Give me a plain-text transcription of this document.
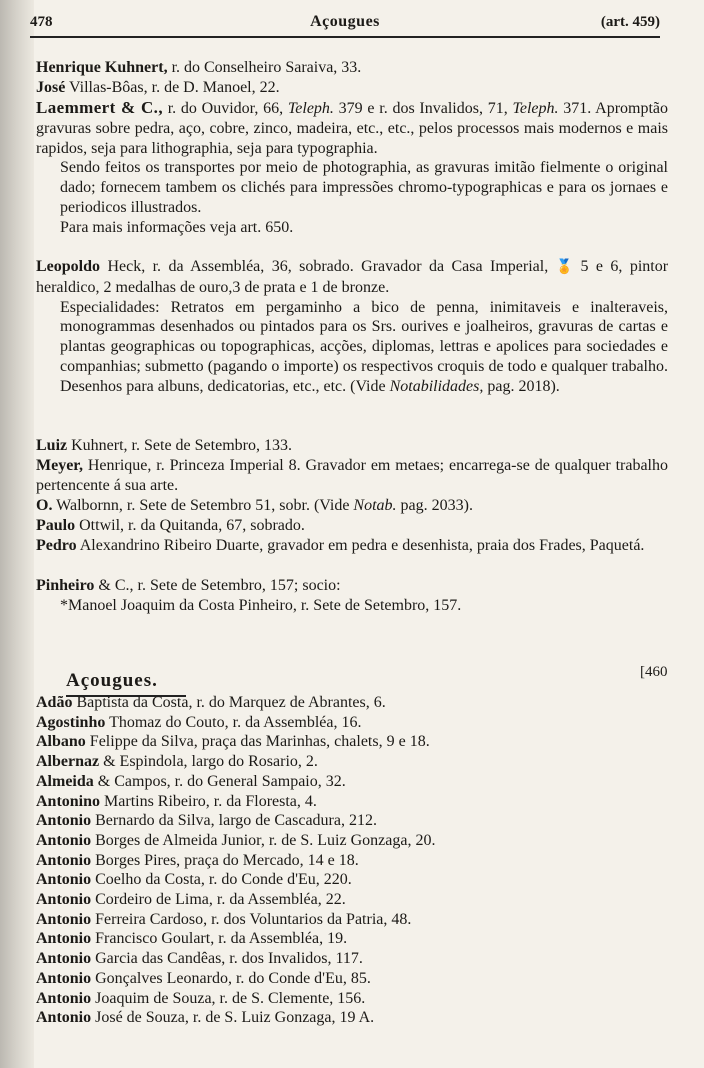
478	Açougues	(art. 459)
Henrique Kuhnert, r. do Conselheiro Saraiva, 33.
José Villas-Bôas, r. de D. Manoel, 22.
Laemmert & C., r. do Ouvidor, 66, Teleph. 379 e r. dos Invalidos, 71, Teleph. 371. Apromptão gravuras sobre pedra, aço, cobre, zinco, madeira, etc., etc., pelos processos mais modernos e mais rapidos, seja para lithographia, seja para typographia.
Sendo feitos os transportes por meio de photographia, as gravuras imitão fielmente o original dado; fornecem tambem os clichés para impressões chromo-typographicas e para os jornaes e periodicos illustrados.
Para mais informações veja art. 650.
Leopoldo Heck, r. da Assembléa, 36, sobrado. Gravador da Casa Imperial, 🏅 5 e 6, pintor heraldico, 2 medalhas de ouro,3 de prata e 1 de bronze.
Especialidades: Retratos em pergaminho a bico de penna, inimitaveis e inalteraveis, monogrammas desenhados ou pintados para os Srs. ourives e joalheiros, gravuras de cartas e plantas geographicas ou topographicas, acções, diplomas, lettras e apolices para sociedades e companhias; submetto (pagando o importe) os respectivos croquis de todo e qualquer trabalho. Desenhos para albuns, dedicatorias, etc., etc. (Vide Notabilidades, pag. 2018).
Luiz Kuhnert, r. Sete de Setembro, 133.
Meyer, Henrique, r. Princeza Imperial 8. Gravador em metaes; encarrega-se de qualquer trabalho pertencente á sua arte.
O. Walbornn, r. Sete de Setembro 51, sobr. (Vide Notab. pag. 2033).
Paulo Ottwil, r. da Quitanda, 67, sobrado.
Pedro Alexandrino Ribeiro Duarte, gravador em pedra e desenhista, praia dos Frades, Paquetá.
Pinheiro & C., r. Sete de Setembro, 157; socio:
*Manoel Joaquim da Costa Pinheiro, r. Sete de Setembro, 157.
Açougues.	[460
Adão Baptista da Costa, r. do Marquez de Abrantes, 6.
Agostinho Thomaz do Couto, r. da Assembléa, 16.
Albano Felippe da Silva, praça das Marinhas, chalets, 9 e 18.
Albernaz & Espindola, largo do Rosario, 2.
Almeida & Campos, r. do General Sampaio, 32.
Antonino Martins Ribeiro, r. da Floresta, 4.
Antonio Bernardo da Silva, largo de Cascadura, 212.
Antonio Borges de Almeida Junior, r. de S. Luiz Gonzaga, 20.
Antonio Borges Pires, praça do Mercado, 14 e 18.
Antonio Coelho da Costa, r. do Conde d'Eu, 220.
Antonio Cordeiro de Lima, r. da Assembléa, 22.
Antonio Ferreira Cardoso, r. dos Voluntarios da Patria, 48.
Antonio Francisco Goulart, r. da Assembléa, 19.
Antonio Garcia das Candêas, r. dos Invalidos, 117.
Antonio Gonçalves Leonardo, r. do Conde d'Eu, 85.
Antonio Joaquim de Souza, r. de S. Clemente, 156.
Antonio José de Souza, r. de S. Luiz Gonzaga, 19 A.
